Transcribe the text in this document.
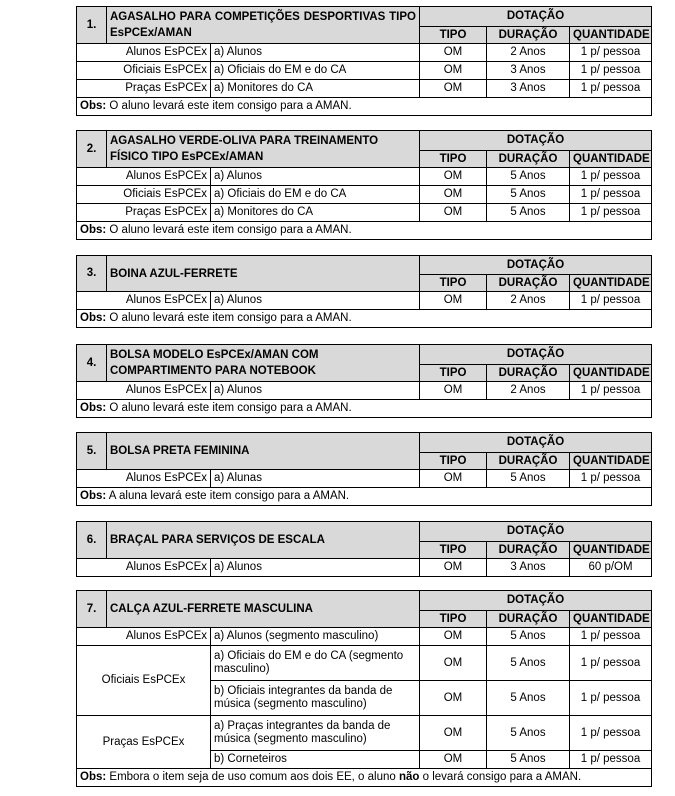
1.	AGASALHO PARA COMPETIÇÕES DESPORTIVAS TIPO EsPCEx/AMAN		DOTAÇÃO		
			TIPO	DURAÇÃO	QUANTIDADE
Alunos EsPCEx		a) Alunos	OM	2 Anos	1 p/ pessoa
Oficiais EsPCEx		a) Oficiais do EM e do CA	OM	3 Anos	1 p/ pessoa
Praças EsPCEx		a) Monitores do CA	OM	3 Anos	1 p/ pessoa
Obs: O aluno levará este item consigo para a AMAN.					
2.	AGASALHO VERDE-OLIVA PARA TREINAMENTO FÍSICO TIPO EsPCEx/AMAN		DOTAÇÃO		
			TIPO	DURAÇÃO	QUANTIDADE
Alunos EsPCEx		a) Alunos	OM	5 Anos	1 p/ pessoa
Oficiais EsPCEx		a) Oficiais do EM e do CA	OM	5 Anos	1 p/ pessoa
Praças EsPCEx		a) Monitores do CA	OM	5 Anos	1 p/ pessoa
Obs: O aluno levará este item consigo para a AMAN.					
3.	BOINA AZUL-FERRETE		DOTAÇÃO		
			TIPO	DURAÇÃO	QUANTIDADE
Alunos EsPCEx		a) Alunos	OM	2 Anos	1 p/ pessoa
Obs: O aluno levará este item consigo para a AMAN.					
4.	BOLSA MODELO EsPCEx/AMAN COM COMPARTIMENTO PARA NOTEBOOK		DOTAÇÃO		
			TIPO	DURAÇÃO	QUANTIDADE
Alunos EsPCEx		a) Alunos	OM	2 Anos	1 p/ pessoa
Obs: O aluno levará este item consigo para a AMAN.					
5.	BOLSA PRETA FEMININA		DOTAÇÃO		
			TIPO	DURAÇÃO	QUANTIDADE
Alunos EsPCEx		a) Alunas	OM	5 Anos	1 p/ pessoa
Obs: A aluna levará este item consigo para a AMAN.					
6.	BRAÇAL PARA SERVIÇOS DE ESCALA		DOTAÇÃO		
			TIPO	DURAÇÃO	QUANTIDADE
Alunos EsPCEx		a) Alunos	OM	3 Anos	60 p/OM
7.	CALÇA AZUL-FERRETE MASCULINA		DOTAÇÃO		
			TIPO	DURAÇÃO	QUANTIDADE
Alunos EsPCEx		a) Alunos (segmento masculino)	OM	5 Anos	1 p/ pessoa
Oficiais EsPCEx		a) Oficiais do EM e do CA (segmento masculino)	OM	5 Anos	1 p/ pessoa
		b) Oficiais integrantes da banda de música (segmento masculino)	OM	5 Anos	1 p/ pessoa
Praças EsPCEx		a) Praças integrantes da banda de música (segmento masculino)	OM	5 Anos	1 p/ pessoa
		b) Corneteiros	OM	5 Anos	1 p/ pessoa
Obs: Embora o item seja de uso comum aos dois EE, o aluno não o levará consigo para a AMAN.					
